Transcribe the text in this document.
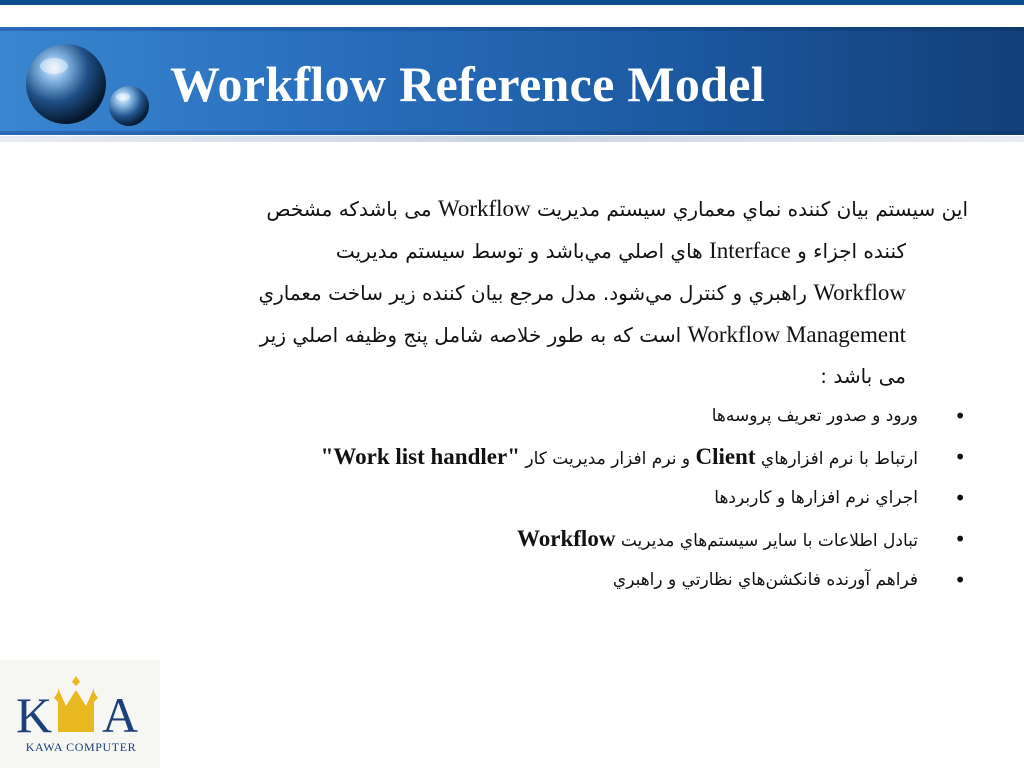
Workflow Reference Model
اين سيستم بيان كننده نماي معماري سيستم مديريت Workflow می باشدكه مشخص
كننده اجزاء و Interface هاي اصلي مي‌باشد و توسط سيستم مديريت
Workflow راهبري و كنترل مي‌شود. مدل مرجع بيان كننده زير ساخت معماري
Workflow Management است كه به طور خلاصه شامل پنج وظيفه اصلي زير
می باشد :
•
ورود و صدور تعريف پروسه‌ها
•
ارتباط با نرم افزارهاي Client و نرم افزار مديريت كار "Work list handler"
•
اجراي نرم افزارها و كاربردها
•
تبادل اطلاعات با ساير سيستم‌هاي مديريت Workflow
•
فراهم آورنده فانكشن‌هاي نظارتي و راهبري
K A
KAWA COMPUTER
